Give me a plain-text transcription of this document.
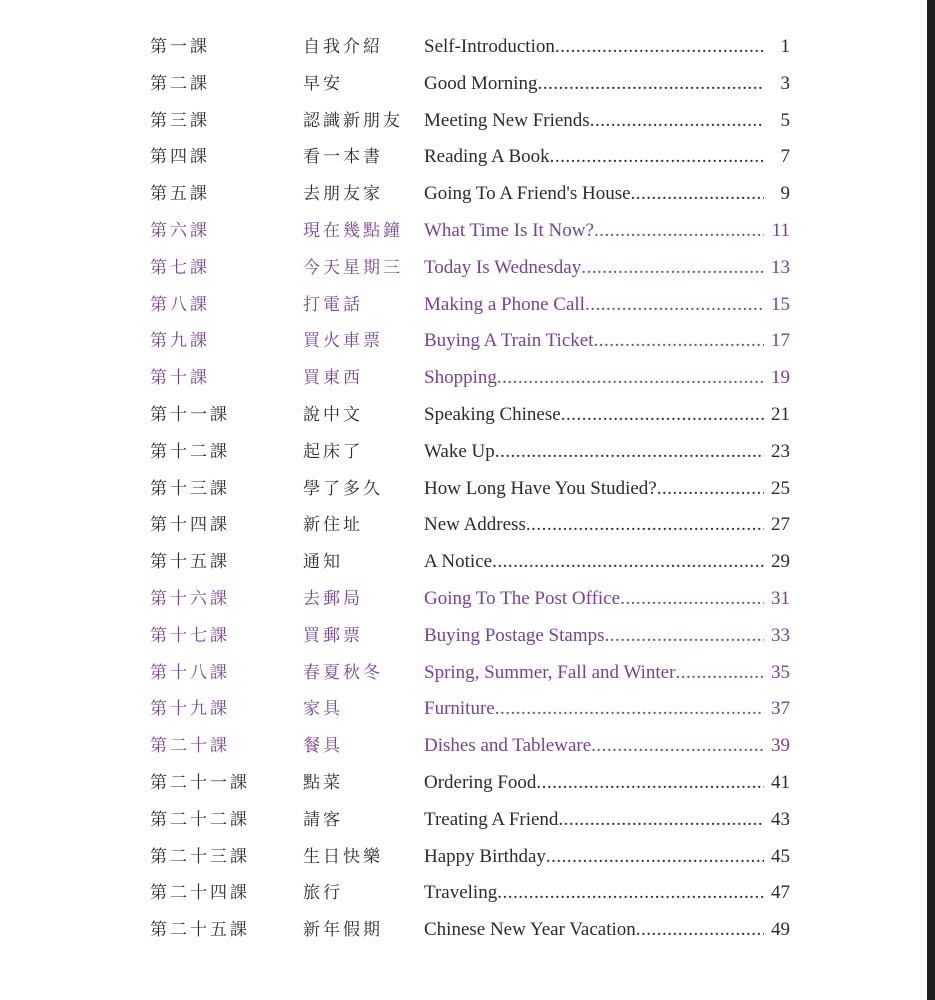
第一課	自我介紹	Self-Introduction .....	1
第二課	早安	Good Morning .....	3
第三課	認識新朋友	Meeting New Friends .....	5
第四課	看一本書	Reading A Book .....	7
第五課	去朋友家	Going To A Friend's House .....	9
第六課	現在幾點鐘	What Time Is It Now? .....	11
第七課	今天星期三	Today Is Wednesday .....	13
第八課	打電話	Making a Phone Call .....	15
第九課	買火車票	Buying A Train Ticket .....	17
第十課	買東西	Shopping .....	19
第十一課	說中文	Speaking Chinese .....	21
第十二課	起床了	Wake Up .....	23
第十三課	學了多久	How Long Have You Studied? .....	25
第十四課	新住址	New Address .....	27
第十五課	通知	A Notice .....	29
第十六課	去郵局	Going To The Post Office .....	31
第十七課	買郵票	Buying Postage Stamps .....	33
第十八課	春夏秋冬	Spring, Summer, Fall and Winter .....	35
第十九課	家具	Furniture .....	37
第二十課	餐具	Dishes and Tableware .....	39
第二十一課	點菜	Ordering Food .....	41
第二十二課	請客	Treating A Friend .....	43
第二十三課	生日快樂	Happy Birthday .....	45
第二十四課	旅行	Traveling .....	47
第二十五課	新年假期	Chinese New Year Vacation .....	49
